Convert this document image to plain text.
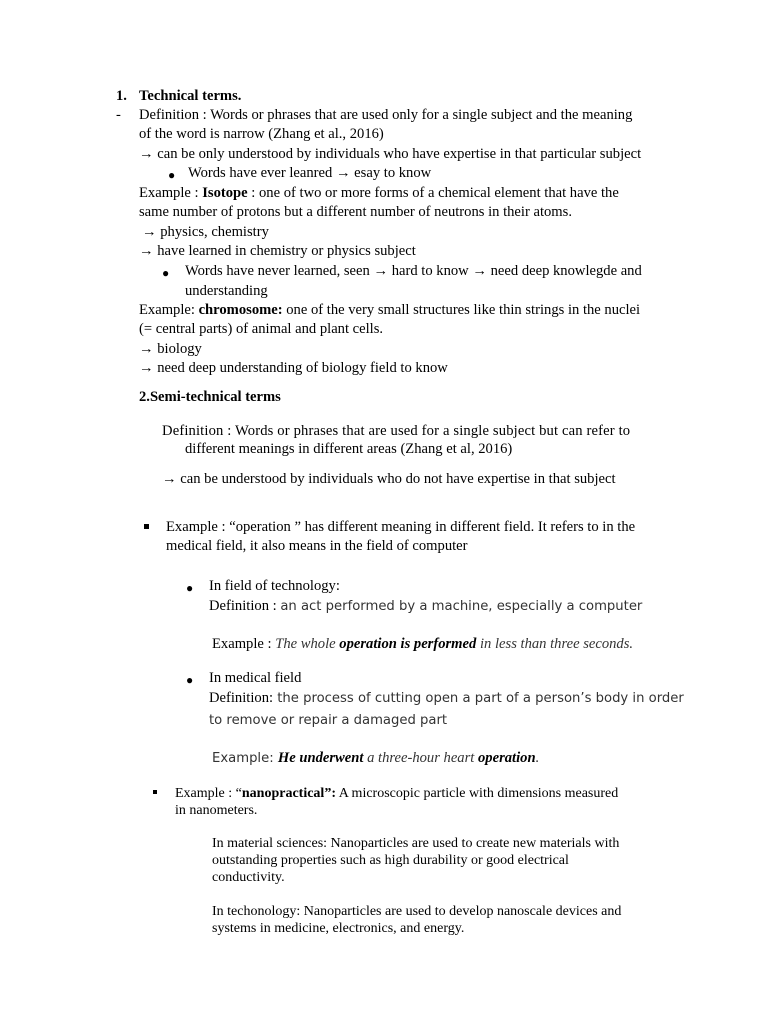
1. Technical terms.
- Definition : Words or phrases that are used only for a single subject and the meaning
of the word is narrow (Zhang et al., 2016)
→ can be only understood by individuals who have expertise in that particular subject
● Words have ever leanred → esay to know
Example : Isotope : one of two or more forms of a chemical element that have the
same number of protons but a different number of neutrons in their atoms.
→ physics, chemistry
→ have learned in chemistry or physics subject
● Words have never learned, seen → hard to know → need deep knowlegde and
understanding
Example: chromosome: one of the very small structures like thin strings in the nuclei
(= central parts) of animal and plant cells.
→ biology
→ need deep understanding of biology field to know
2.Semi-technical terms
Definition : Words or phrases that are used for a single subject but can refer to
different meanings in different areas (Zhang et al, 2016)
→ can be understood by individuals who do not have expertise in that subject
Example : “operation ” has different meaning in different field. It refers to in the
medical field, it also means in the field of computer
● In field of technology:
Definition : an act performed by a machine, especially a computer
Example : The whole operation is performed in less than three seconds.
● In medical field
Definition: the process of cutting open a part of a person’s body in order
to remove or repair a damaged part
Example: He underwent a three-hour heart operation.
Example : “nanopractical”: A microscopic particle with dimensions measured
in nanometers.
In material sciences: Nanoparticles are used to create new materials with
outstanding properties such as high durability or good electrical
conductivity.
In techonology: Nanoparticles are used to develop nanoscale devices and
systems in medicine, electronics, and energy.
